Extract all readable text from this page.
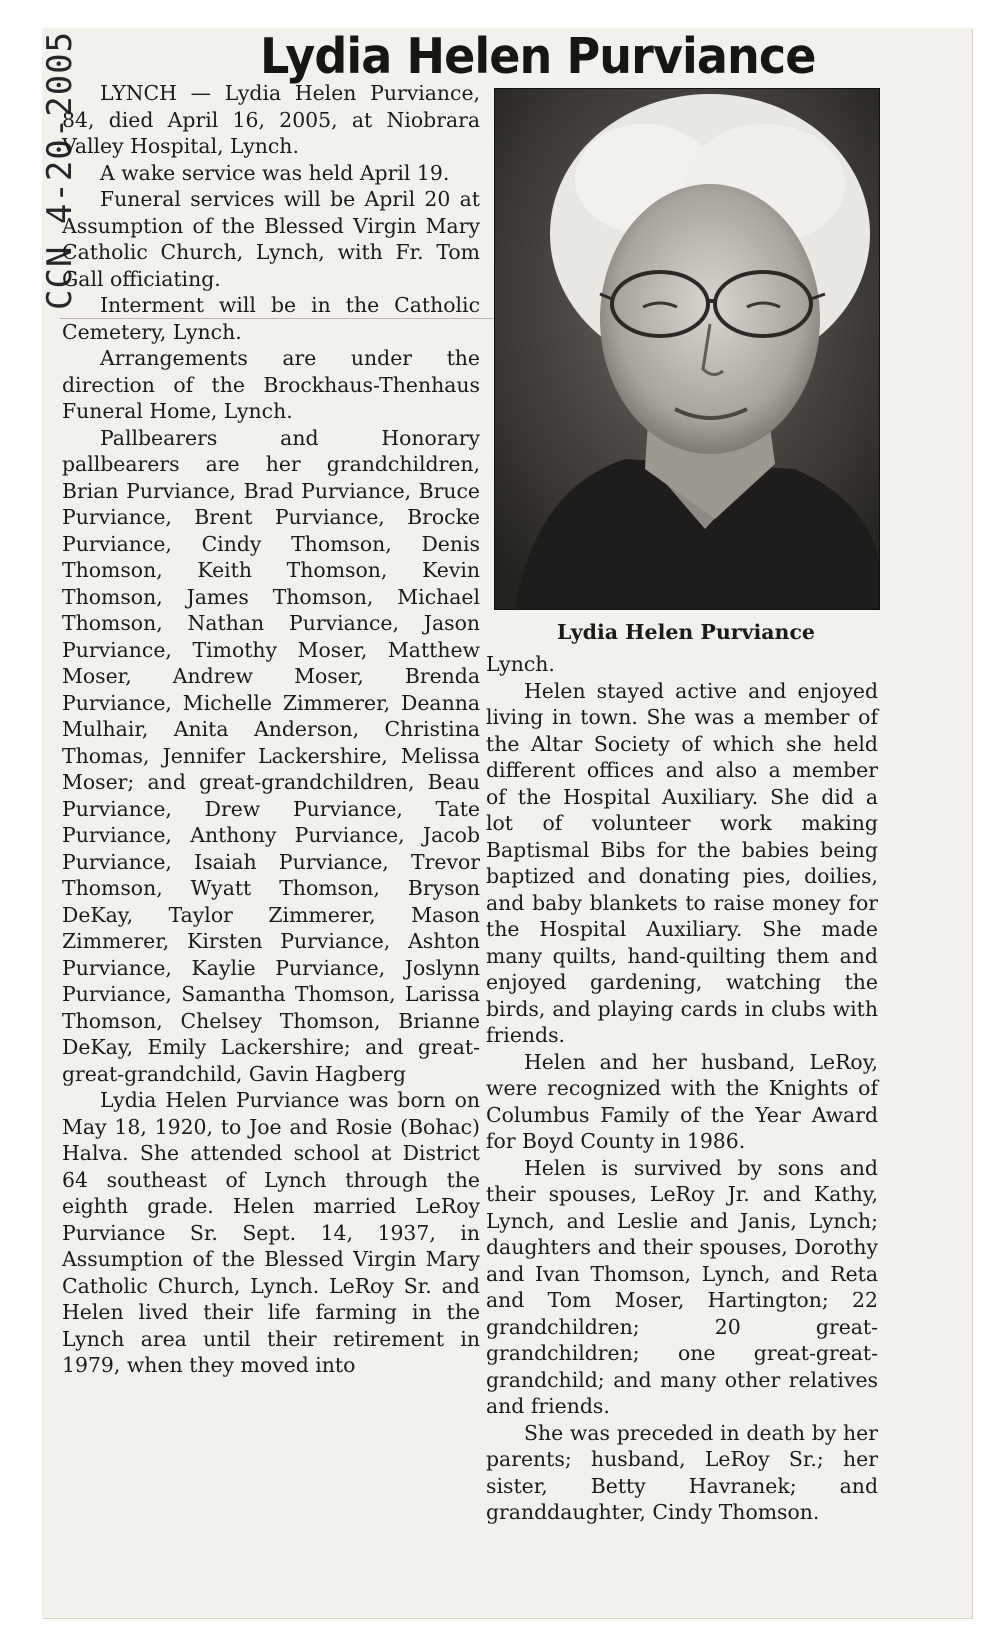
CCN 4-20-2005	Lydia Helen Purviance

LYNCH — Lydia Helen Purviance, 84, died April 16, 2005, at Niobrara Valley Hospital, Lynch.

A wake service was held April 19.

Funeral services will be April 20 at Assumption of the Blessed Virgin Mary Catholic Church, Lynch, with Fr. Tom Gall officiating.

Interment will be in the Catholic Cemetery, Lynch.

Arrangements are under the direction of the Brockhaus-Thenhaus Funeral Home, Lynch.

Pallbearers and Honorary pallbearers are her grandchildren, Brian Purviance, Brad Purviance, Bruce Purviance, Brent Purviance, Brocke Purviance, Cindy Thomson, Denis Thomson, Keith Thomson, Kevin Thomson, James Thomson, Michael Thomson, Nathan Purviance, Jason Purviance, Timothy Moser, Matthew Moser, Andrew Moser, Brenda Purviance, Michelle Zimmerer, Deanna Mulhair, Anita Anderson, Christina Thomas, Jennifer Lackershire, Melissa Moser; and great-grandchildren, Beau Purviance, Drew Purviance, Tate Purviance, Anthony Purviance, Jacob Purviance, Isaiah Purviance, Trevor Thomson, Wyatt Thomson, Bryson DeKay, Taylor Zimmerer, Mason Zimmerer, Kirsten Purviance, Ashton Purviance, Kaylie Purviance, Joslynn Purviance, Samantha Thomson, Larissa Thomson, Chelsey Thomson, Brianne DeKay, Emily Lackershire; and great-great-grandchild, Gavin Hagberg

Lydia Helen Purviance was born on May 18, 1920, to Joe and Rosie (Bohac) Halva. She attended school at District 64 southeast of Lynch through the eighth grade. Helen married LeRoy Purviance Sr. Sept. 14, 1937, in Assumption of the Blessed Virgin Mary Catholic Church, Lynch. LeRoy Sr. and Helen lived their life farming in the Lynch area until their retirement in 1979, when they moved into

Lydia Helen Purviance

Lynch.

Helen stayed active and enjoyed living in town. She was a member of the Altar Society of which she held different offices and also a member of the Hospital Auxiliary. She did a lot of volunteer work making Baptismal Bibs for the babies being baptized and donating pies, doilies, and baby blankets to raise money for the Hospital Auxiliary. She made many quilts, hand-quilting them and enjoyed gardening, watching the birds, and playing cards in clubs with friends.

Helen and her husband, LeRoy, were recognized with the Knights of Columbus Family of the Year Award for Boyd County in 1986.

Helen is survived by sons and their spouses, LeRoy Jr. and Kathy, Lynch, and Leslie and Janis, Lynch; daughters and their spouses, Dorothy and Ivan Thomson, Lynch, and Reta and Tom Moser, Hartington; 22 grandchildren; 20 great-grandchildren; one great-great-grandchild; and many other relatives and friends.

She was preceded in death by her parents; husband, LeRoy Sr.; her sister, Betty Havranek; and granddaughter, Cindy Thomson.
